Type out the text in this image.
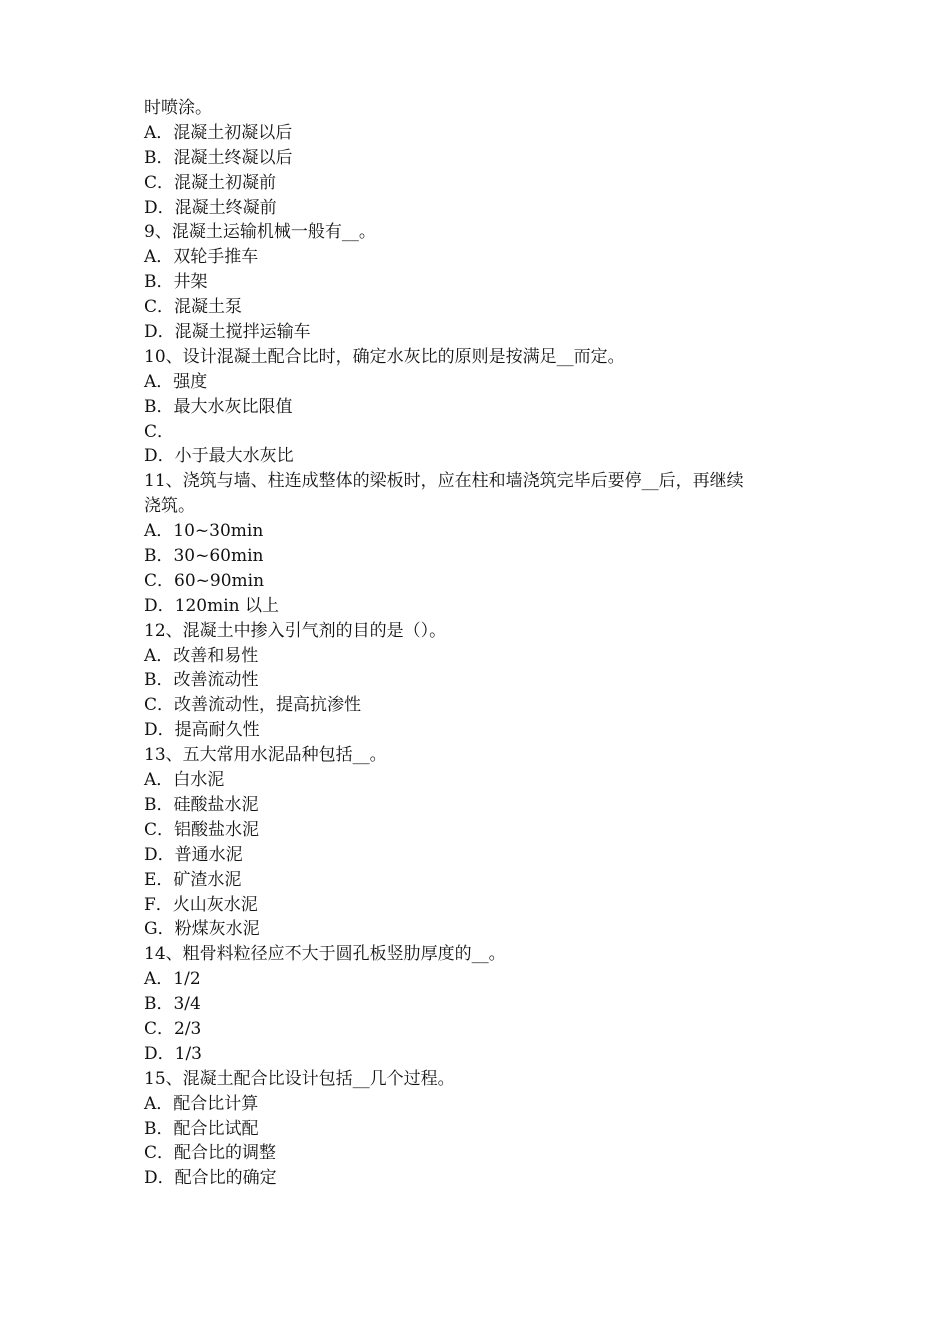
时喷涂。

A．混凝土初凝以后

B．混凝土终凝以后

C．混凝土初凝前

D．混凝土终凝前

9、混凝土运输机械一般有__。

A．双轮手推车

B．井架

C．混凝土泵

D．混凝土搅拌运输车

10、设计混凝土配合比时，确定水灰比的原则是按满足__而定。

A．强度

B．最大水灰比限值

C．

D．小于最大水灰比

11、浇筑与墙、柱连成整体的梁板时，应在柱和墙浇筑完毕后要停__后，再继续

浇筑。

A．10~30min

B．30~60min

C．60~90min

D．120min 以上

12、混凝土中掺入引气剂的目的是（）。

A．改善和易性

B．改善流动性

C．改善流动性，提高抗渗性

D．提高耐久性

13、五大常用水泥品种包括__。

A．白水泥

B．硅酸盐水泥

C．铝酸盐水泥

D．普通水泥

E．矿渣水泥

F．火山灰水泥

G．粉煤灰水泥

14、粗骨料粒径应不大于圆孔板竖肋厚度的__。

A．1/2

B．3/4

C．2/3

D．1/3

15、混凝土配合比设计包括__几个过程。

A．配合比计算

B．配合比试配

C．配合比的调整

D．配合比的确定
